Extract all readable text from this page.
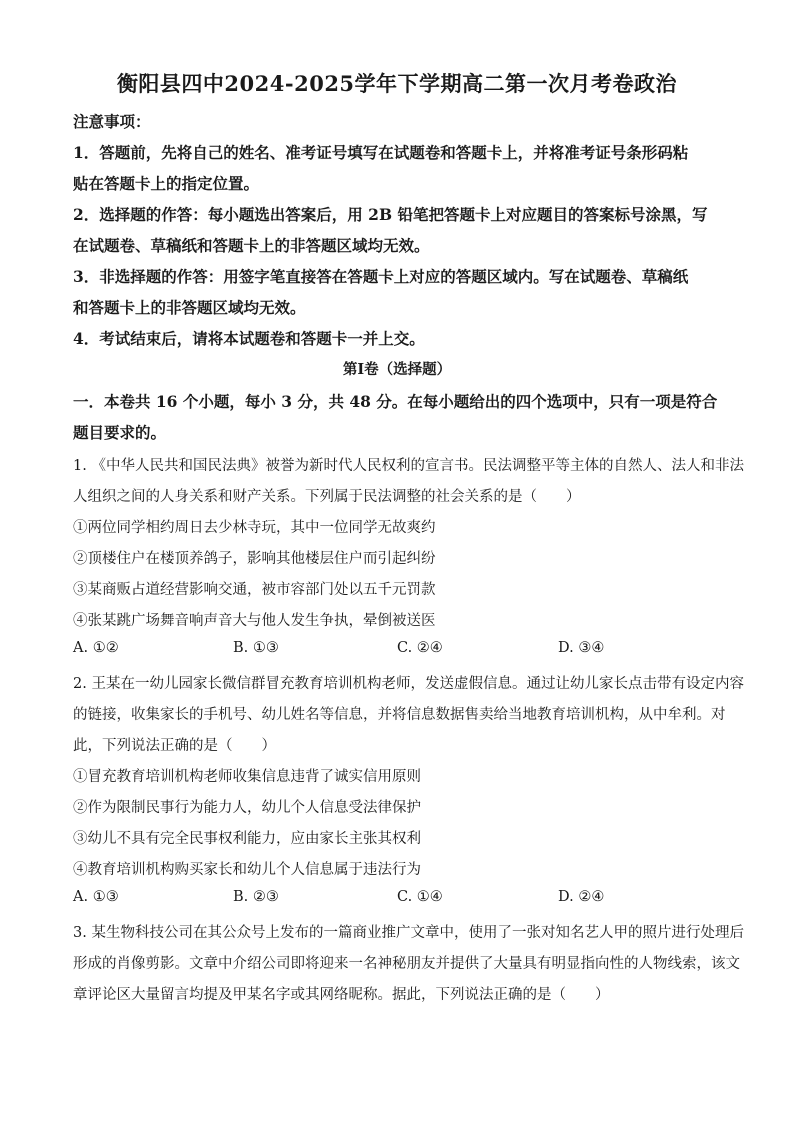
衡阳县四中2024-2025学年下学期高二第一次月考卷政治
注意事项：
1．答题前，先将自己的姓名、准考证号填写在试题卷和答题卡上，并将准考证号条形码粘
贴在答题卡上的指定位置。
2．选择题的作答：每小题选出答案后，用 2B 铅笔把答题卡上对应题目的答案标号涂黑，写
在试题卷、草稿纸和答题卡上的非答题区域均无效。
3．非选择题的作答：用签字笔直接答在答题卡上对应的答题区域内。写在试题卷、草稿纸
和答题卡上的非答题区域均无效。
4．考试结束后，请将本试题卷和答题卡一并上交。
第Ⅰ卷（选择题）
一．本卷共 16 个小题，每小 3 分，共 48 分。在每小题给出的四个选项中，只有一项是符合
题目要求的。
1. 《中华人民共和国民法典》被誉为新时代人民权利的宣言书。民法调整平等主体的自然人、法人和非法
人组织之间的人身关系和财产关系。下列属于民法调整的社会关系的是（　　）
①两位同学相约周日去少林寺玩，其中一位同学无故爽约
②顶楼住户在楼顶养鸽子，影响其他楼层住户而引起纠纷
③某商贩占道经营影响交通，被市容部门处以五千元罚款
④张某跳广场舞音响声音大与他人发生争执，晕倒被送医
A. ①②	B. ①③	C. ②④	D. ③④
2. 王某在一幼儿园家长微信群冒充教育培训机构老师，发送虚假信息。通过让幼儿家长点击带有设定内容
的链接，收集家长的手机号、幼儿姓名等信息，并将信息数据售卖给当地教育培训机构，从中牟利。对
此，下列说法正确的是（　　）
①冒充教育培训机构老师收集信息违背了诚实信用原则
②作为限制民事行为能力人，幼儿个人信息受法律保护
③幼儿不具有完全民事权利能力，应由家长主张其权利
④教育培训机构购买家长和幼儿个人信息属于违法行为
A. ①③	B. ②③	C. ①④	D. ②④
3. 某生物科技公司在其公众号上发布的一篇商业推广文章中，使用了一张对知名艺人甲的照片进行处理后
形成的肖像剪影。文章中介绍公司即将迎来一名神秘朋友并提供了大量具有明显指向性的人物线索，该文
章评论区大量留言均提及甲某名字或其网络昵称。据此，下列说法正确的是（　　）
